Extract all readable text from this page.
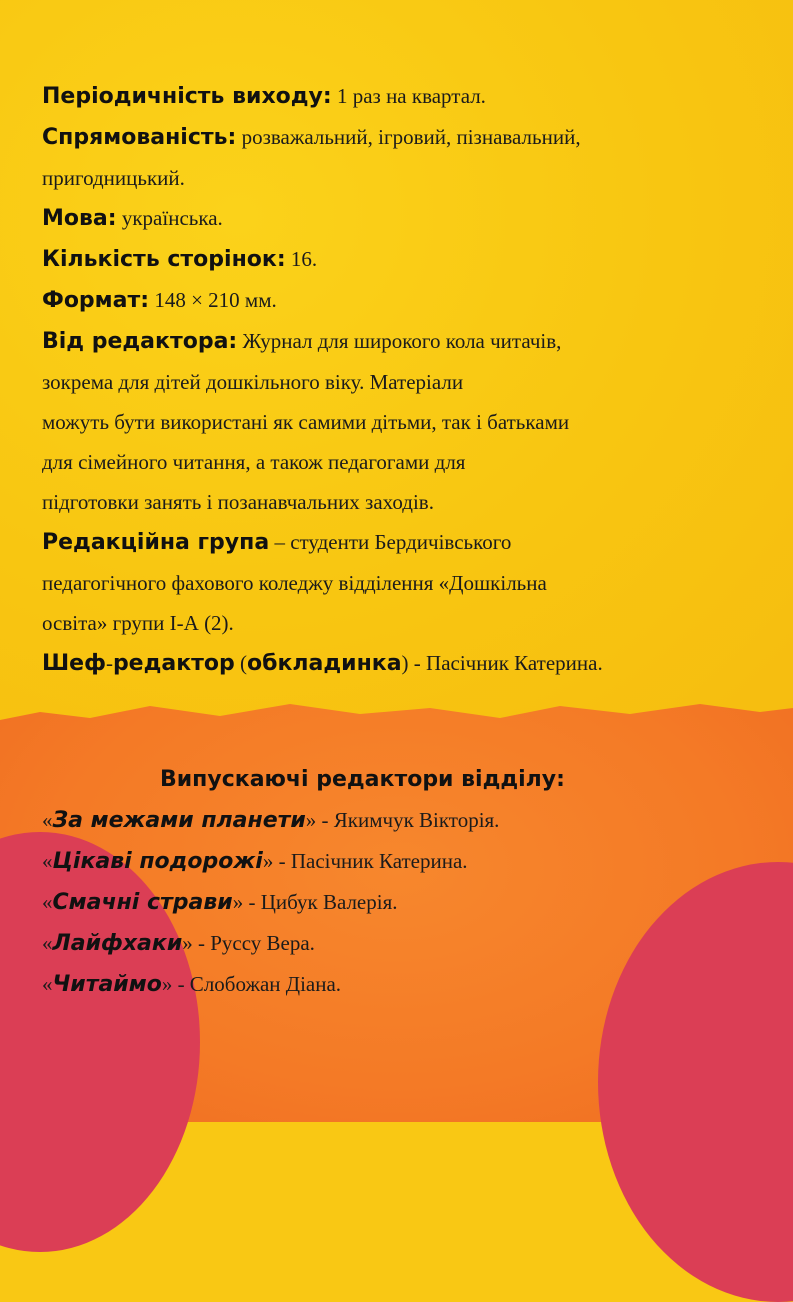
Періодичність виходу: 1 раз на квартал.
Спрямованість: розважальний, ігровий, пізнавальний,
пригодницький.
Мова: українська.
Кількість сторінок: 16.
Формат: 148 × 210 мм.
Від редактора: Журнал для широкого кола читачів,
зокрема для дітей дошкільного віку. Матеріали
можуть бути використані як самими дітьми, так і батьками
для сімейного читання, а також педагогами для
підготовки занять і позанавчальних заходів.
Редакційна група – студенти Бердичівського
педагогічного фахового коледжу відділення «Дошкільна
освіта» групи І-А (2).
Шеф-редактор (обкладинка) - Пасічник Катерина.
Випускаючі редактори відділу:
«За межами планети» - Якимчук Вікторія.
«Цікаві подорожі» - Пасічник Катерина.
«Смачні страви» - Цибук Валерія.
«Лайфхаки» - Руссу Вера.
«Читаймо» - Слобожан Діана.
